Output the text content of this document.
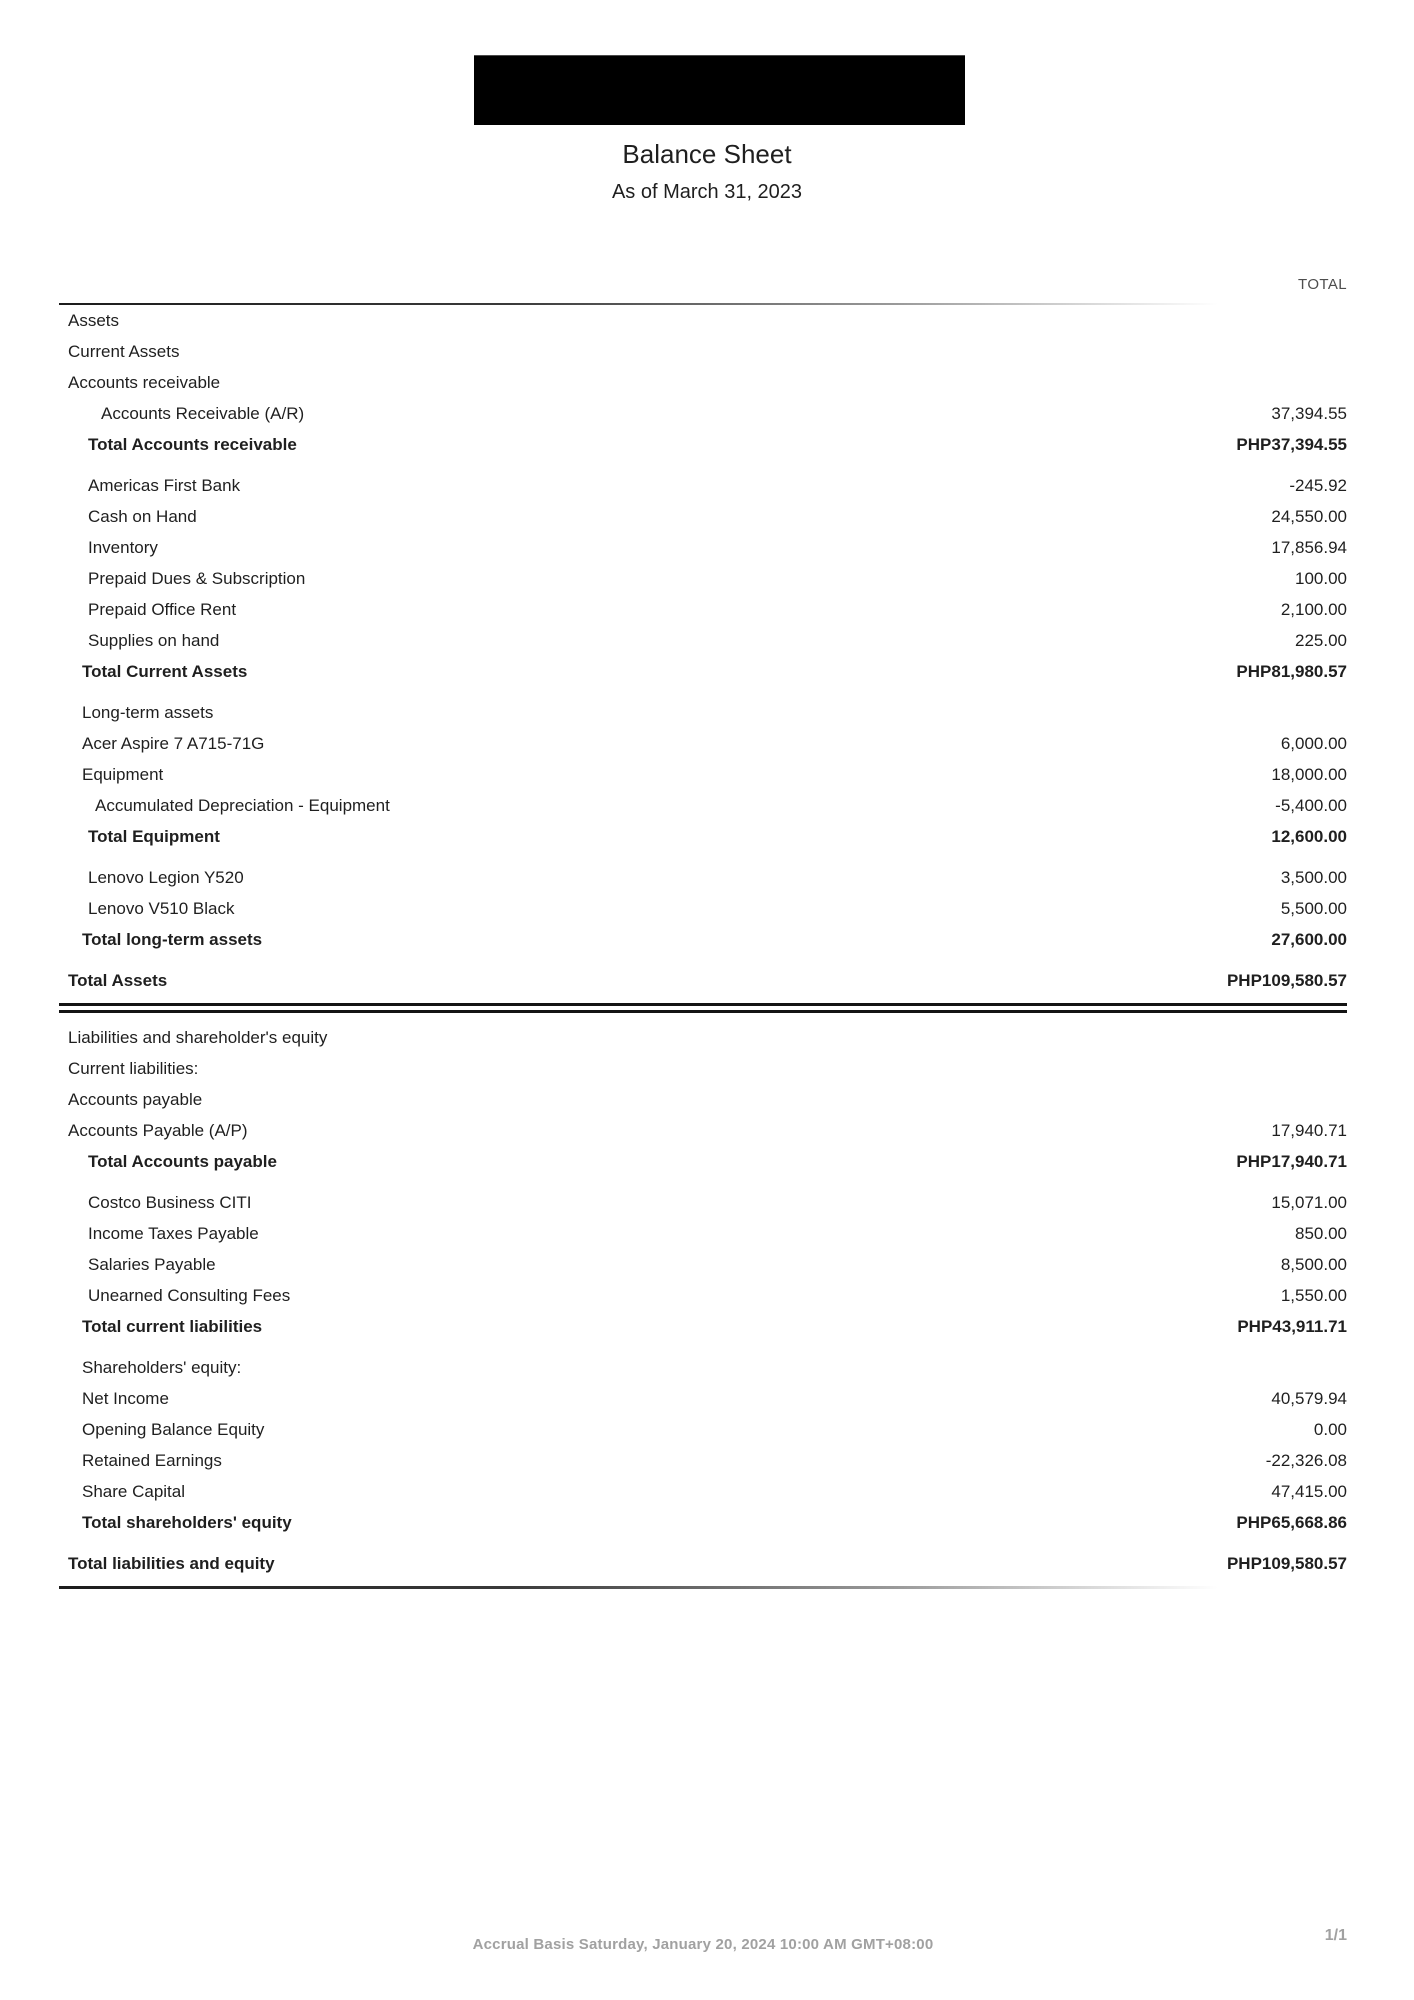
Balance Sheet
As of March 31, 2023
TOTAL
Assets
Current Assets
Accounts receivable
Accounts Receivable (A/R)	37,394.55
Total Accounts receivable	PHP37,394.55
Americas First Bank	-245.92
Cash on Hand	24,550.00
Inventory	17,856.94
Prepaid Dues & Subscription	100.00
Prepaid Office Rent	2,100.00
Supplies on hand	225.00
Total Current Assets	PHP81,980.57
Long-term assets
Acer Aspire 7 A715-71G	6,000.00
Equipment	18,000.00
Accumulated Depreciation - Equipment	-5,400.00
Total Equipment	12,600.00
Lenovo Legion Y520	3,500.00
Lenovo V510 Black	5,500.00
Total long-term assets	27,600.00
Total Assets	PHP109,580.57
Liabilities and shareholder's equity
Current liabilities:
Accounts payable
Accounts Payable (A/P)	17,940.71
Total Accounts payable	PHP17,940.71
Costco Business CITI	15,071.00
Income Taxes Payable	850.00
Salaries Payable	8,500.00
Unearned Consulting Fees	1,550.00
Total current liabilities	PHP43,911.71
Shareholders' equity:
Net Income	40,579.94
Opening Balance Equity	0.00
Retained Earnings	-22,326.08
Share Capital	47,415.00
Total shareholders' equity	PHP65,668.86
Total liabilities and equity	PHP109,580.57
Accrual Basis Saturday, January 20, 2024 10:00 AM GMT+08:00
1/1
